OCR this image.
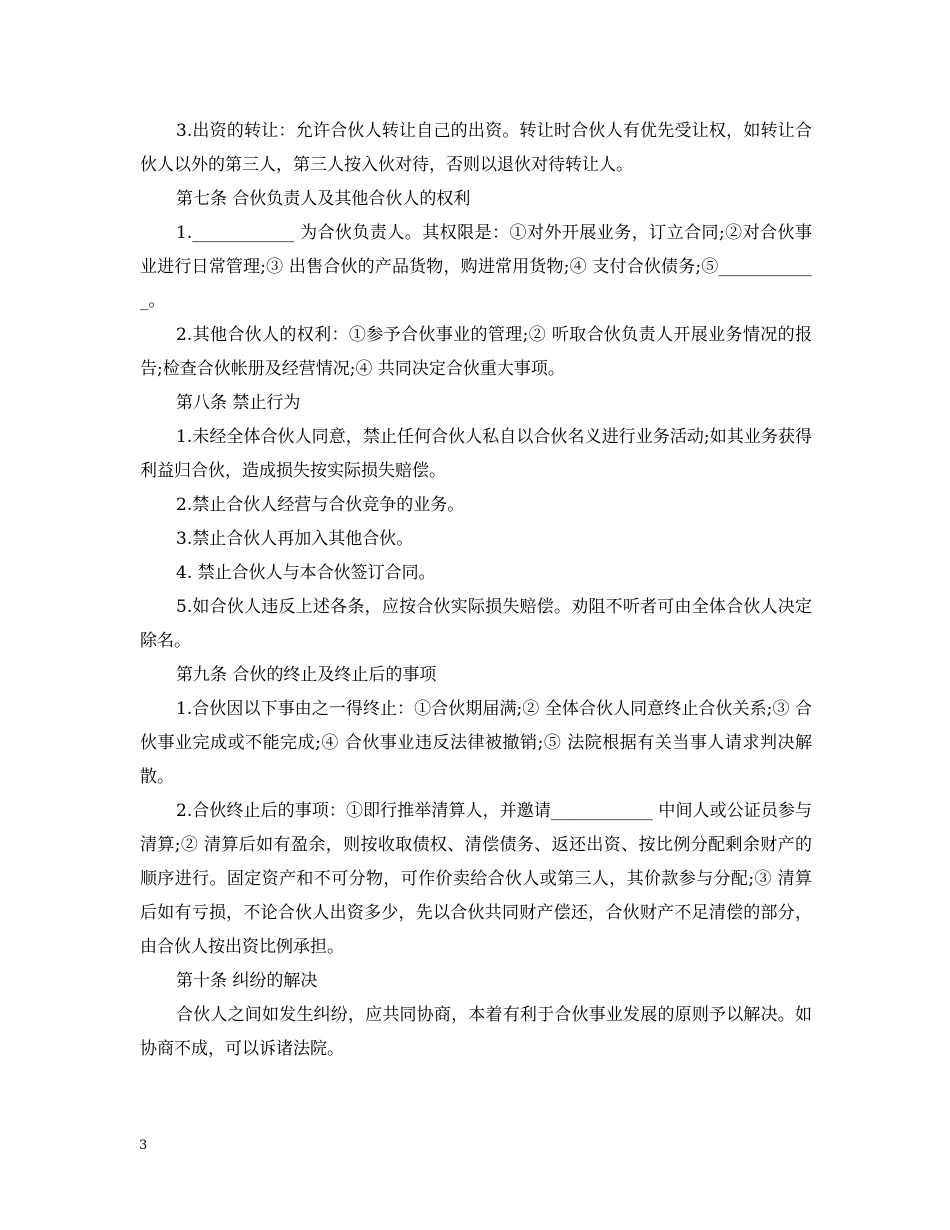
3.出资的转让：允许合伙人转让自己的出资。转让时合伙人有优先受让权，如转让合伙人以外的第三人，第三人按入伙对待，否则以退伙对待转让人。

第七条 合伙负责人及其他合伙人的权利

1.____________ 为合伙负责人。其权限是：①对外开展业务，订立合同;②对合伙事业进行日常管理;③ 出售合伙的产品货物，购进常用货物;④ 支付合伙债务;⑤____________。

2.其他合伙人的权利：①参予合伙事业的管理;② 听取合伙负责人开展业务情况的报告;检查合伙帐册及经营情况;④ 共同决定合伙重大事项。

第八条 禁止行为

1.未经全体合伙人同意，禁止任何合伙人私自以合伙名义进行业务活动;如其业务获得利益归合伙，造成损失按实际损失赔偿。

2.禁止合伙人经营与合伙竞争的业务。

3.禁止合伙人再加入其他合伙。

4. 禁止合伙人与本合伙签订合同。

5.如合伙人违反上述各条，应按合伙实际损失赔偿。劝阻不听者可由全体合伙人决定除名。

第九条 合伙的终止及终止后的事项

1.合伙因以下事由之一得终止：①合伙期届满;② 全体合伙人同意终止合伙关系;③ 合伙事业完成或不能完成;④ 合伙事业违反法律被撤销;⑤ 法院根据有关当事人请求判决解散。

2.合伙终止后的事项：①即行推举清算人，并邀请____________ 中间人或公证员参与清算;② 清算后如有盈余，则按收取债权、清偿债务、返还出资、按比例分配剩余财产的顺序进行。固定资产和不可分物，可作价卖给合伙人或第三人，其价款参与分配;③ 清算后如有亏损，不论合伙人出资多少，先以合伙共同财产偿还，合伙财产不足清偿的部分，由合伙人按出资比例承担。

第十条 纠纷的解决

合伙人之间如发生纠纷，应共同协商，本着有利于合伙事业发展的原则予以解决。如协商不成，可以诉诸法院。

3
